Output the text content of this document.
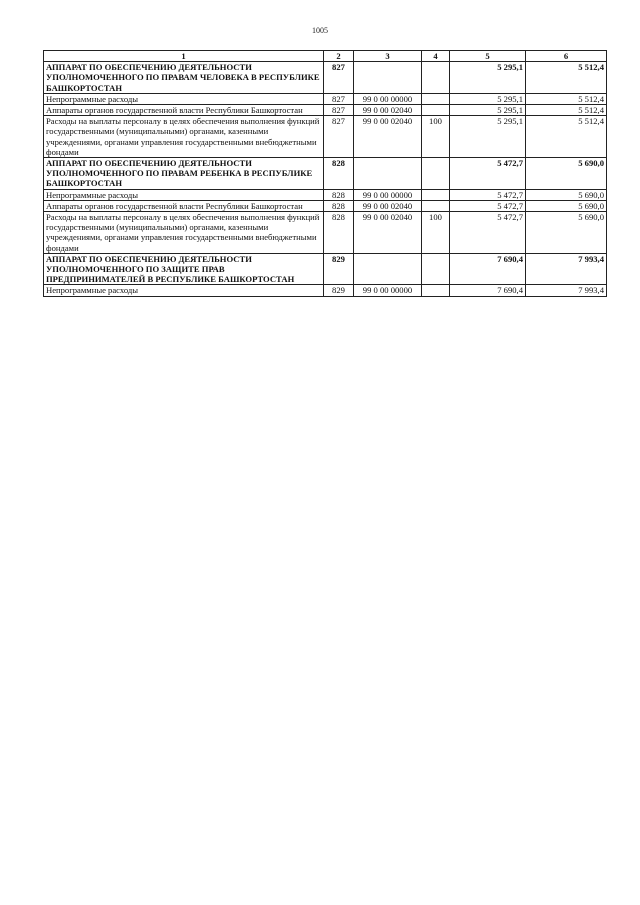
1005
1	2	3	4	5	6
АППАРАТ ПО ОБЕСПЕЧЕНИЮ ДЕЯТЕЛЬНОСТИ УПОЛНОМОЧЕННОГО ПО ПРАВАМ ЧЕЛОВЕКА В РЕСПУБЛИКЕ БАШКОРТОСТАН	827			5 295,1	5 512,4
Непрограммные расходы	827	99 0 00 00000		5 295,1	5 512,4
Аппараты органов государственной власти Республики Башкортостан	827	99 0 00 02040		5 295,1	5 512,4
Расходы на выплаты персоналу в целях обеспечения выполнения функций государственными (муниципальными) органами, казенными учреждениями, органами управления государственными внебюджетными фондами	827	99 0 00 02040	100	5 295,1	5 512,4
АППАРАТ ПО ОБЕСПЕЧЕНИЮ ДЕЯТЕЛЬНОСТИ УПОЛНОМОЧЕННОГО ПО ПРАВАМ РЕБЕНКА В РЕСПУБЛИКЕ БАШКОРТОСТАН	828			5 472,7	5 690,0
Непрограммные расходы	828	99 0 00 00000		5 472,7	5 690,0
Аппараты органов государственной власти Республики Башкортостан	828	99 0 00 02040		5 472,7	5 690,0
Расходы на выплаты персоналу в целях обеспечения выполнения функций государственными (муниципальными) органами, казенными учреждениями, органами управления государственными внебюджетными фондами	828	99 0 00 02040	100	5 472,7	5 690,0
АППАРАТ ПО ОБЕСПЕЧЕНИЮ ДЕЯТЕЛЬНОСТИ УПОЛНОМОЧЕННОГО ПО ЗАЩИТЕ ПРАВ ПРЕДПРИНИМАТЕЛЕЙ В РЕСПУБЛИКЕ БАШКОРТОСТАН	829			7 690,4	7 993,4
Непрограммные расходы	829	99 0 00 00000		7 690,4	7 993,4
